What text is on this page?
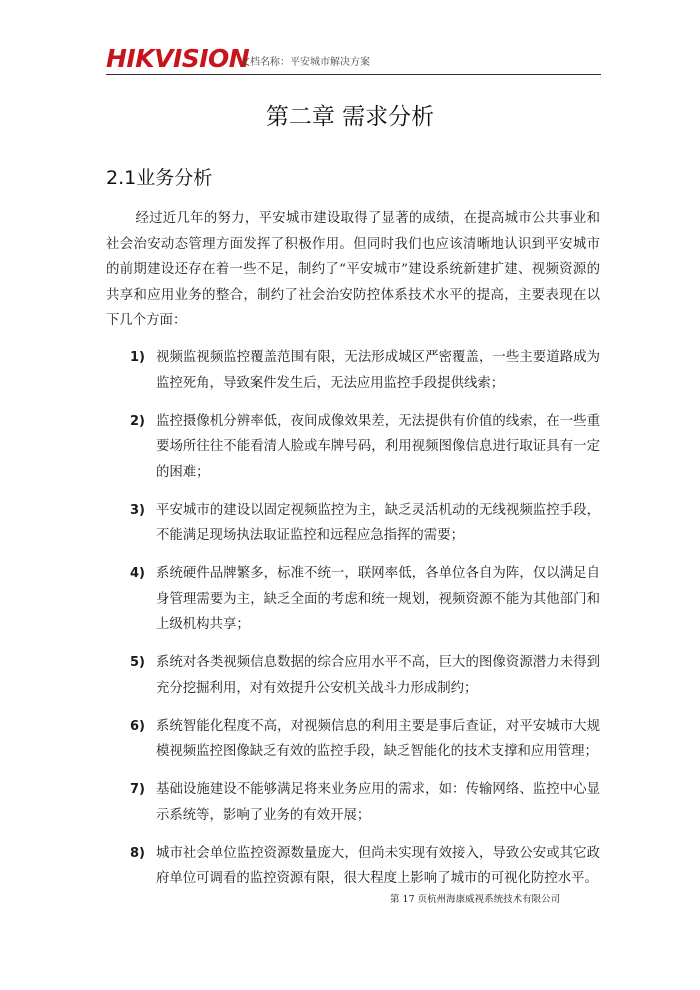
HIKVISION
文档名称：平安城市解决方案
第二章 需求分析
2.1业务分析
经过近几年的努力，平安城市建设取得了显著的成绩，在提高城市公共事业和社会治安动态管理方面发挥了积极作用。但同时我们也应该清晰地认识到平安城市的前期建设还存在着一些不足，制约了“平安城市”建设系统新建扩建、视频资源的共享和应用业务的整合，制约了社会治安防控体系技术水平的提高，主要表现在以下几个方面：
1) 视频监视频监控覆盖范围有限，无法形成城区严密覆盖，一些主要道路成为监控死角，导致案件发生后，无法应用监控手段提供线索；
2) 监控摄像机分辨率低，夜间成像效果差，无法提供有价值的线索，在一些重要场所往往不能看清人脸或车牌号码，利用视频图像信息进行取证具有一定的困难；
3) 平安城市的建设以固定视频监控为主，缺乏灵活机动的无线视频监控手段，不能满足现场执法取证监控和远程应急指挥的需要；
4) 系统硬件品牌繁多，标准不统一，联网率低，各单位各自为阵，仅以满足自身管理需要为主，缺乏全面的考虑和统一规划，视频资源不能为其他部门和上级机构共享；
5) 系统对各类视频信息数据的综合应用水平不高，巨大的图像资源潜力未得到充分挖掘利用，对有效提升公安机关战斗力形成制约；
6) 系统智能化程度不高，对视频信息的利用主要是事后查证，对平安城市大规模视频监控图像缺乏有效的监控手段，缺乏智能化的技术支撑和应用管理；
7) 基础设施建设不能够满足将来业务应用的需求，如：传输网络、监控中心显示系统等，影响了业务的有效开展；
8) 城市社会单位监控资源数量庞大，但尚未实现有效接入，导致公安或其它政府单位可调看的监控资源有限，很大程度上影响了城市的可视化防控水平。
第 17 页杭州海康威视系统技术有限公司
